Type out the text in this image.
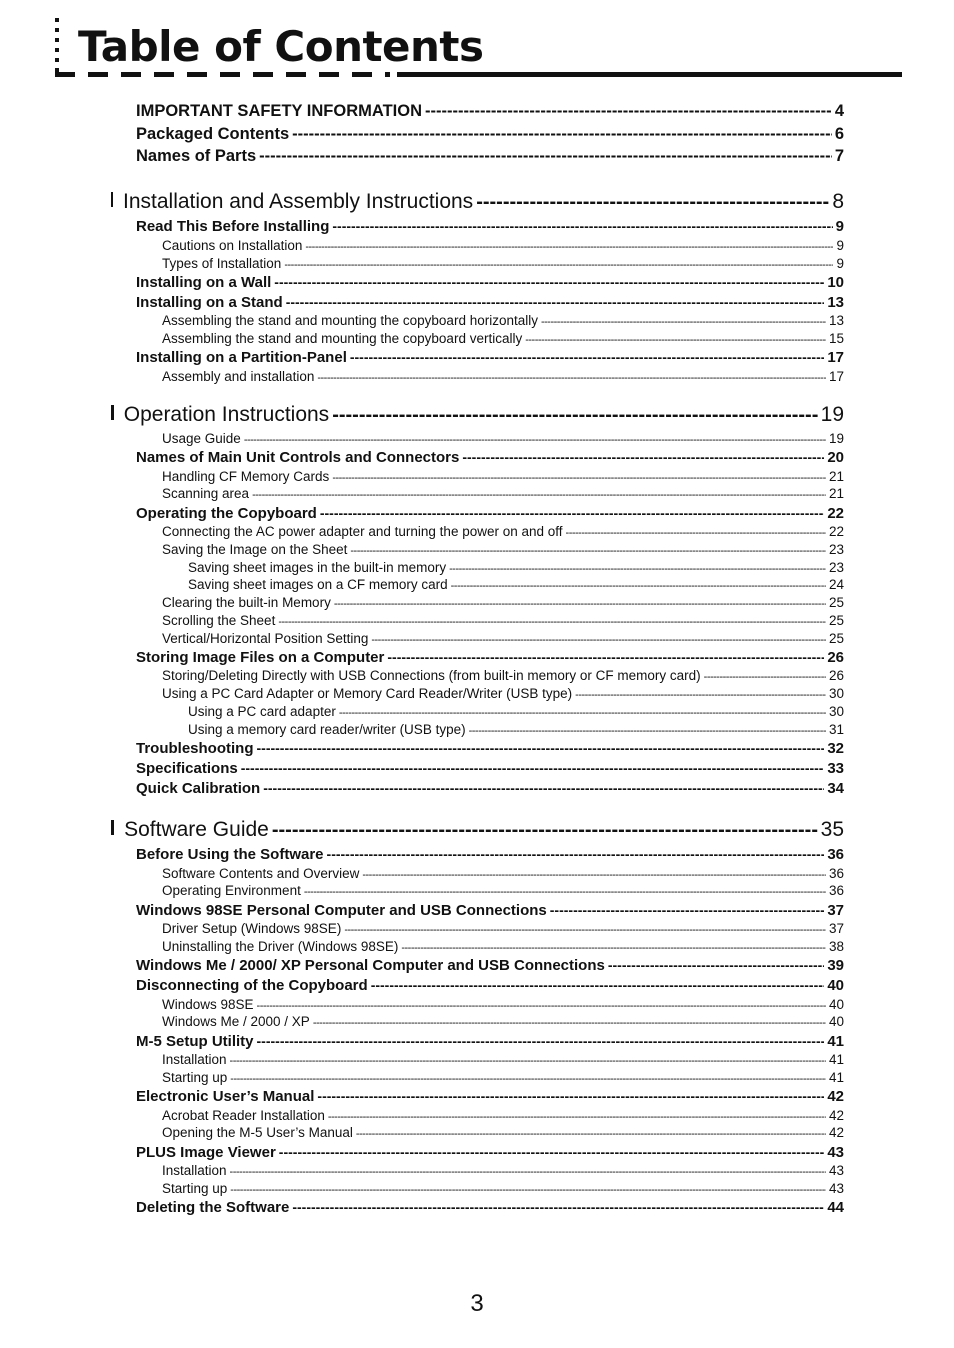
Table of Contents
IMPORTANT SAFETY INFORMATION -----	4
Packaged Contents -----	6
Names of Parts -----	7
Installation and Assembly Instructions -----	8
Read This Before Installing -----	9
Cautions on Installation -----	9
Types of Installation -----	9
Installing on a Wall -----	10
Installing on a Stand -----	13
Assembling the stand and mounting the copyboard horizontally -----	13
Assembling the stand and mounting the copyboard vertically -----	15
Installing on a Partition-Panel -----	17
Assembly and installation -----	17
Operation Instructions -----	19
Usage Guide -----	19
Names of Main Unit Controls and Connectors -----	20
Handling CF Memory Cards -----	21
Scanning area -----	21
Operating the Copyboard -----	22
Connecting the AC power adapter and turning the power on and off -----	22
Saving the Image on the Sheet -----	23
Saving sheet images in the built-in memory -----	23
Saving sheet images on a CF memory card -----	24
Clearing the built-in Memory -----	25
Scrolling the Sheet -----	25
Vertical/Horizontal Position Setting -----	25
Storing Image Files on a Computer -----	26
Storing/Deleting Directly with USB Connections (from built-in memory or CF memory card) -----	26
Using a PC Card Adapter or Memory Card Reader/Writer (USB type) -----	30
Using a PC card adapter -----	30
Using a memory card reader/writer (USB type) -----	31
Troubleshooting -----	32
Specifications -----	33
Quick Calibration -----	34
Software Guide -----	35
Before Using the Software -----	36
Software Contents and Overview -----	36
Operating Environment -----	36
Windows 98SE Personal Computer and USB Connections -----	37
Driver Setup (Windows 98SE) -----	37
Uninstalling the Driver (Windows 98SE) -----	38
Windows Me / 2000/ XP Personal Computer and USB Connections -----	39
Disconnecting of the Copyboard -----	40
Windows 98SE -----	40
Windows Me / 2000 / XP -----	40
M-5 Setup Utility -----	41
Installation -----	41
Starting up -----	41
Electronic User’s Manual -----	42
Acrobat Reader Installation -----	42
Opening the M-5 User’s Manual -----	42
PLUS Image Viewer -----	43
Installation -----	43
Starting up -----	43
Deleting the Software -----	44
3
